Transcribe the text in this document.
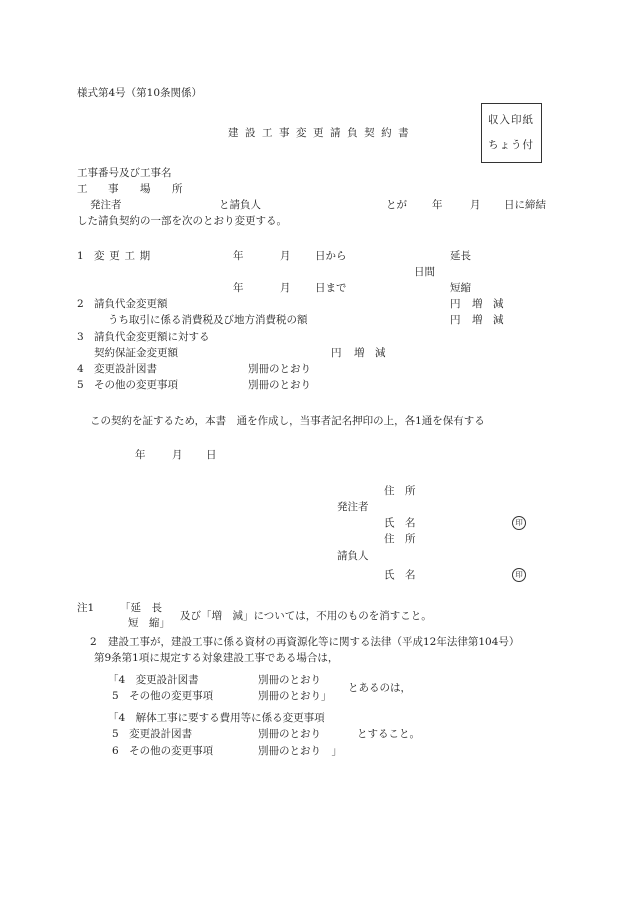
様式第4号（第10条関係）
建設工事変更請負契約書
収入印紙
ちょう付
工事番号及び工事名
工 事 場 所
発注者	と請負人	とが 年	月 日に締結
した請負契約の一部を次のとおり変更する。
1 変更工期	年	月 日から	延長
日間
年	月 日まで	短縮
2 請負代金変更額	円 増　減
うち取引に係る消費税及び地方消費税の額	円 増　減
3 請負代金変更額に対する
契約保証金変更額	円 増　減
4 変更設計図書	別冊のとおり
5 その他の変更事項	別冊のとおり
この契約を証するため，本書　通を作成し，当事者記名押印の上，各1通を保有する
年	月 日
住　所
発注者
氏　名	印
住　所
請負人
氏　名	印
注1 「延　長
短　縮」
及び「増　減」については，不用のものを消すこと。
2 建設工事が，建設工事に係る資材の再資源化等に関する法律（平成12年法律第104号）
第9条第1項に規定する対象建設工事である場合は，
「4　変更設計図書	別冊のとおり
5　その他の変更事項	別冊のとおり」
とあるのは，
「4　解体工事に要する費用等に係る変更事項
5　変更設計図書	別冊のとおり	とすること。
6　その他の変更事項	別冊のとおり　」
